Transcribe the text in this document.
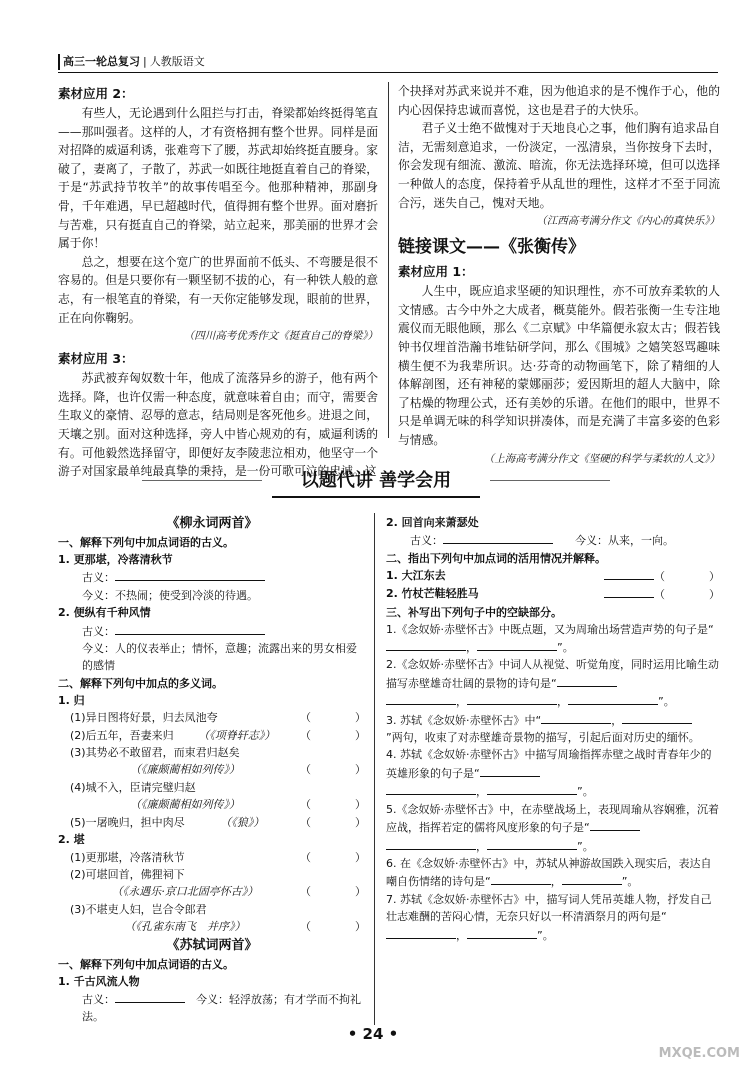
高三一轮总复习 | 人教版语文
素材应用 2：

有些人，无论遇到什么阻拦与打击，脊梁都始终挺得笔直——那叫强者。这样的人，才有资格拥有整个世界。同样是面对招降的威逼利诱，张难弯下了腰，苏武却始终挺直腰身。家破了，妻离了，子散了，苏武一如既往地挺直着自己的脊梁，于是“苏武持节牧羊”的故事传唱至今。他那种精神，那副身骨，千年难遇，早已超越时代，值得拥有整个世界。面对磨折与苦难，只有挺直自己的脊梁，站立起来，那美丽的世界才会属于你！

总之，想要在这个宽广的世界面前不低头、不弯腰是很不容易的。但是只要你有一颗坚韧不拔的心，有一种铁人般的意志，有一根笔直的脊梁，有一天你定能够发现，眼前的世界，正在向你鞠躬。

（四川高考优秀作文《挺直自己的脊梁》）
素材应用 3：

苏武被弃匈奴数十年，他成了流落异乡的游子，他有两个选择。降，也许仅需一种态度，就意味着自由；而守，需要舍生取义的豪情、忍辱的意志，结局则是客死他乡。进退之间，天壤之别。面对这种选择，旁人中皆心规劝的有，威逼利诱的有。可他毅然选择留守，即便好友李陵悲泣相劝，他坚守一个游子对国家最单纯最真挚的秉持，是一份可歌可泣的忠诚。这

个抉择对苏武来说并不难，因为他追求的是不愧作于心，他的内心因保持忠诚而喜悦，这也是君子的大快乐。

君子义士绝不做愧对于天地良心之事，他们胸有追求品自洁，无需刻意追求，一份淡定，一泓清泉，当你按身下去时，你会发现有细流、激流、暗流，你无法选择环境，但可以选择一种做人的态度，保持着乎从乱世的理性，这样才不至于同流合污，迷失自己，愧对天地。

（江西高考满分作文《内心的真快乐》）
链接课文——《张衡传》
素材应用 1：

人生中，既应追求坚硬的知识理性，亦不可放弃柔软的人文情感。古今中外之大成者，概莫能外。假若张衡一生专注地震仪而无眼他顾，那么《二京赋》中华篇便永寂太古；假若钱钟书仅埋首浩瀚书堆钻研学问，那么《围城》之嬉笑怒骂趣味横生便不为我辈所识。达·芬奇的动物画笔下，除了精细的人体解剖图，还有神秘的蒙娜丽莎；爱因斯坦的超人大脑中，除了枯燥的物理公式，还有美妙的乐谱。在他们的眼中，世界不只是单调无味的科学知识拼凑体，而是充满了丰富多姿的色彩与情感。

（上海高考满分作文《坚硬的科学与柔软的人文》）
以题代讲 善学会用
《柳永词两首》
一、解释下列句中加点词语的古义。

1. 更那堪，冷落清秋节

古义：

今义：不热闹；使受到冷淡的待遇。

2. 便纵有千种风情

古义：

今义：人的仪表举止；情怀，意趣；流露出来的男女相爱的感情

二、解释下列句中加点的多义词。

1. 归

(1)异日图将好景，归去凤池夸	（　　　　）
(2)后五年，吾妻来归 （《项脊轩志》） （　　　　）
(3)其势必不敢留君，而束君归赵矣
（《廉颇蔺相如列传》）	（　　　　）
(4)城不入，臣请完璧归赵
（《廉颇蔺相如列传》）	（　　　　）
(5)一屠晚归，担中肉尽	（《狼》）	（　　　　）

2. 堪

(1)更那堪，冷落清秋节	（　　　　）
(2)可堪回首，佛狸祠下
（《永遇乐·京口北固亭怀古》）	（　　　　）
(3)不堪吏人妇，岂合令郎君
（《孔雀东南飞　并序》）	（　　　　）
《苏轼词两首》
一、解释下列句中加点词语的古义。

1. 千古风流人物

古义：　	今义：轻浮放荡；有才学而不拘礼法。

2. 回首向来萧瑟处

古义：　　	今义：从来，一向。

二、指出下列句中加点词的活用情况并解释。
1. 大江东去	（　　　　）
2. 竹杖芒鞋轻胜马	（　　　　）
三、补写出下列句子中的空缺部分。

1.《念奴娇·赤壁怀古》中既点题，又为周瑜出场营造声势的句子是“

，	”。

2.《念奴娇·赤壁怀古》中词人从视觉、听觉角度，同时运用比喻生动描写赤壁雄奇壮阔的景物的诗句是“

，	，	”。

3. 苏轼《念奴娇·赤壁怀古》中“	，

”两句，收束了对赤壁雄奇景物的描写，引起后面对历史的缅怀。

4. 苏轼《念奴娇·赤壁怀古》中描写周瑜指挥赤壁之战时青春年少的英雄形象的句子是“

，	”。

5.《念奴娇·赤壁怀古》中，在赤壁战场上，表现周瑜从容娴雅，沉着应战，指挥若定的儒将风度形象的句子是“

，	”。

6. 在《念奴娇·赤壁怀古》中，苏轼从神游故国跌入现实后，表达自嘲自伤情绪的诗句是“	，	”。

7. 苏轼《念奴娇·赤壁怀古》中，描写词人凭吊英雄人物，抒发自己壮志难酬的苦闷心情，无奈只好以一杯清酒祭月的两句是“，	”。

• 24 •
MXQE.COM
